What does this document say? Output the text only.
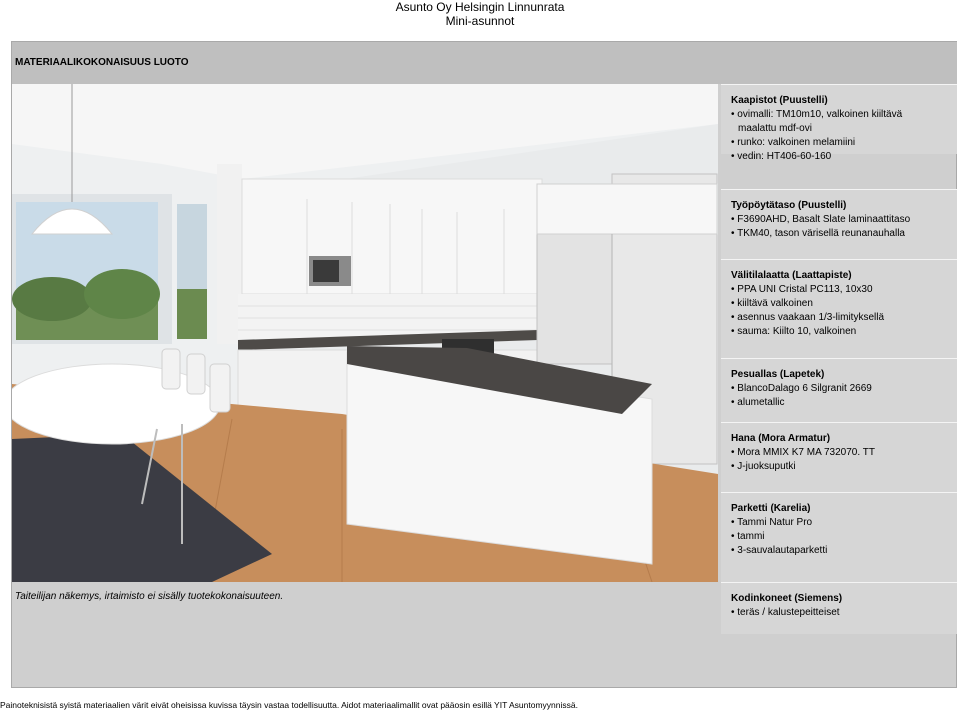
Asunto Oy Helsingin Linnunrata
Mini-asunnot
MATERIAALIKOKONAISUUS LUOTO
Taiteilijan näkemys, irtaimisto ei sisälly tuotekokonaisuuteen.
Kaapistot (Puustelli)
• ovimalli: TM10m10, valkoinen kiiltävä
maalattu mdf-ovi
• runko: valkoinen melamiini
• vedin: HT406-60-160
Työpöytätaso (Puustelli)
• F3690AHD, Basalt Slate laminaattitaso
• TKM40, tason värisellä reunanauhalla
Välitilalaatta (Laattapiste)
• PPA UNI Cristal PC113, 10x30
• kiiltävä valkoinen
• asennus vaakaan 1/3-limityksellä
• sauma: Kiilto 10, valkoinen
Pesuallas (Lapetek)
• BlancoDalago 6 Silgranit 2669
• alumetallic
Hana (Mora Armatur)
• Mora MMIX K7 MA 732070. TT
• J-juoksuputki
Parketti (Karelia)
• Tammi Natur Pro
• tammi
• 3-sauvalautaparketti
Kodinkoneet (Siemens)
• teräs / kalustepeitteiset
Painoteknisistä syistä materiaalien värit eivät oheisissa kuvissa täysin vastaa todellisuutta. Aidot materiaalimallit ovat pääosin esillä YIT Asuntomyynnissä.
